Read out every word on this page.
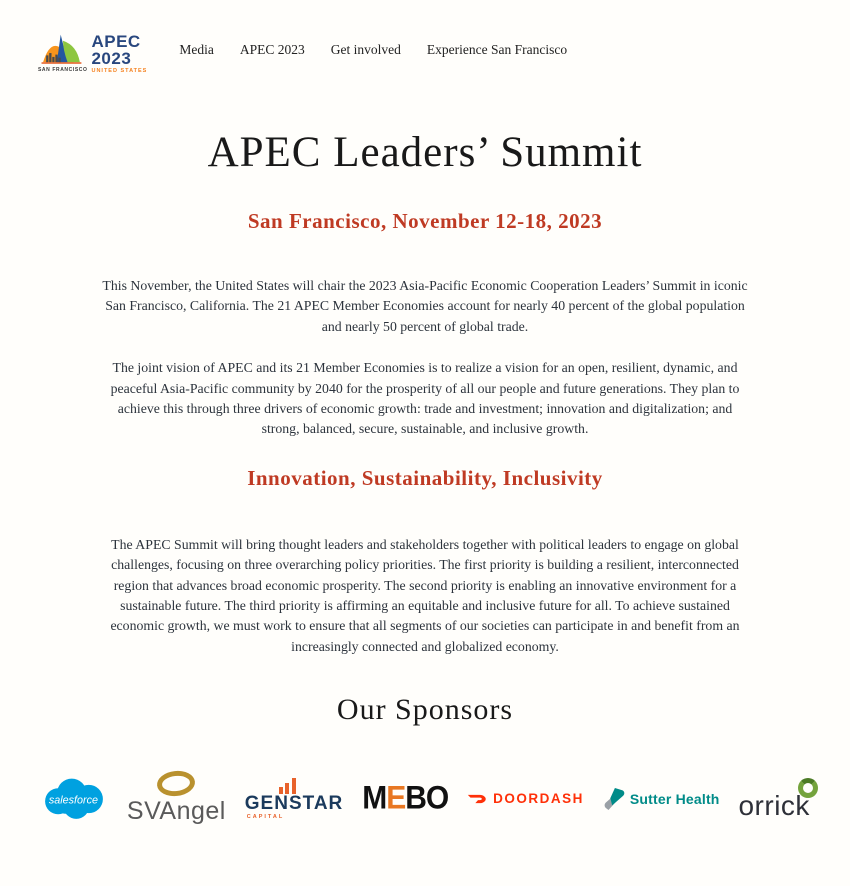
SAN FRANCISCO
APEC
2023
UNITED STATES
Media APEC 2023 Get involved Experience San Francisco
APEC Leaders’ Summit
San Francisco, November 12-18, 2023

This November, the United States will chair the 2023 Asia-Pacific Economic Cooperation Leaders’ Summit in iconic San Francisco, California. The 21 APEC Member Economies account for nearly 40 percent of the global population and nearly 50 percent of global trade.

The joint vision of APEC and its 21 Member Economies is to realize a vision for an open, resilient, dynamic, and peaceful Asia-Pacific community by 2040 for the prosperity of all our people and future generations. They plan to achieve this through three drivers of economic growth: trade and investment; innovation and digitalization; and strong, balanced, secure, sustainable, and inclusive growth.

Innovation, Sustainability, Inclusivity

The APEC Summit will bring thought leaders and stakeholders together with political leaders to engage on global challenges, focusing on three overarching policy priorities. The first priority is building a resilient, interconnected region that advances broad economic prosperity. The second priority is enabling an innovative environment for a sustainable future. The third priority is affirming an equitable and inclusive future for all. To achieve sustained economic growth, we must work to ensure that all segments of our societies can participate in and benefit from an increasingly connected and globalized economy.

Our Sponsors
salesforce SVAngel GENSTAR
CAPITAL
M E B O	DOORDASH	Sutter Health orrick
